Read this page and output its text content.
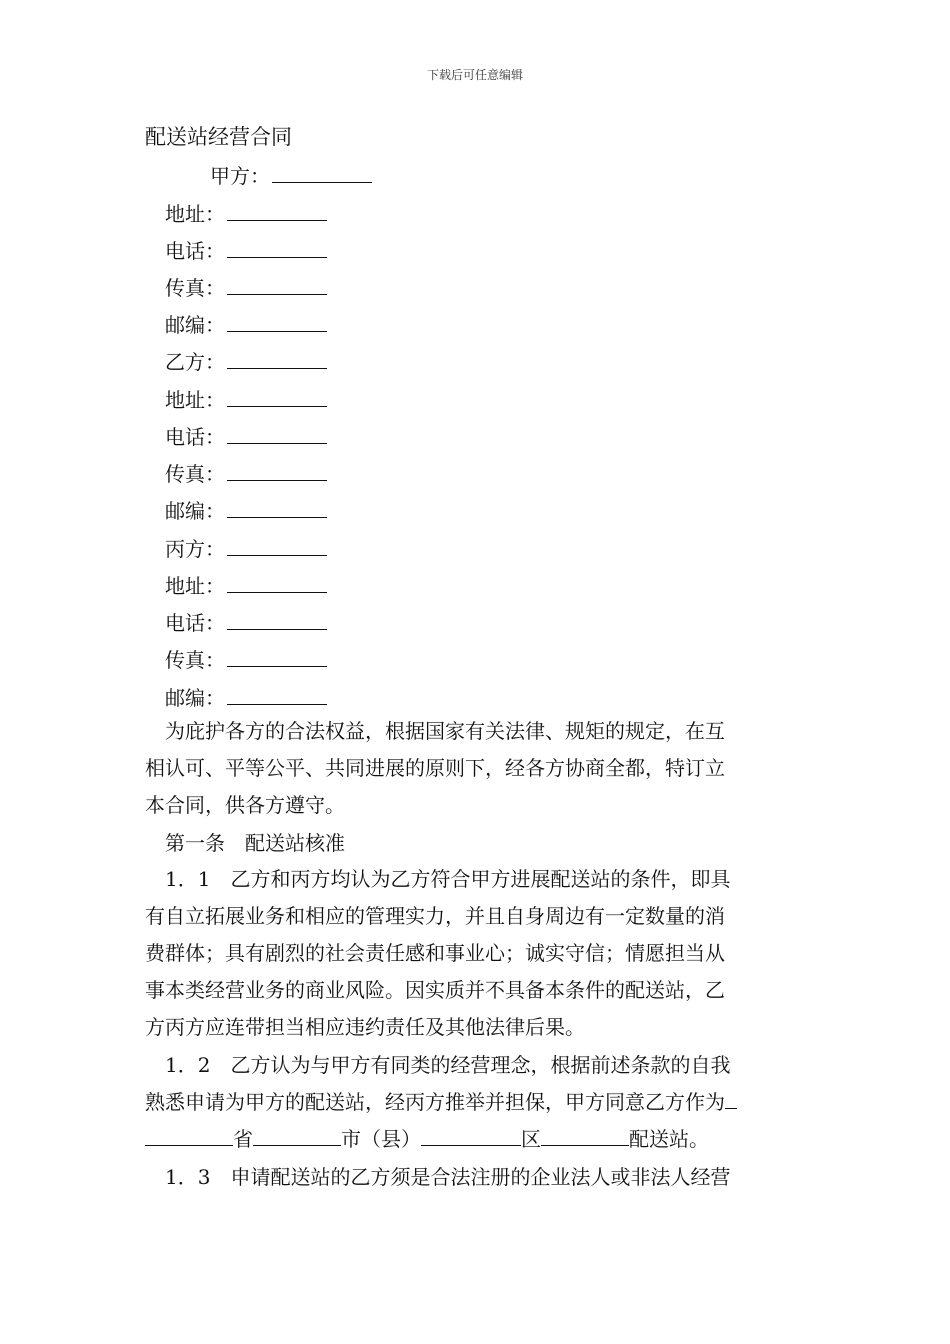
下载后可任意编辑
配送站经营合同
甲方：
地址：
电话：
传真：
邮编：
乙方：
地址：
电话：
传真：
邮编：
丙方：
地址：
电话：
传真：
邮编：

为庇护各方的合法权益，根据国家有关法律、规矩的规定，在互

相认可、平等公平、共同进展的原则下，经各方协商全都，特订立

本合同，供各方遵守。

第一条　配送站核准

1．1　乙方和丙方均认为乙方符合甲方进展配送站的条件，即具

有自立拓展业务和相应的管理实力，并且自身周边有一定数量的消

费群体；具有剧烈的社会责任感和事业心；诚实守信；情愿担当从

事本类经营业务的商业风险。因实质并不具备本条件的配送站，乙

方丙方应连带担当相应违约责任及其他法律后果。

1．2　乙方认为与甲方有同类的经营理念，根据前述条款的自我

熟悉申请为甲方的配送站，经丙方推举并担保，甲方同意乙方作为

省	市（县）	区	配送站。

1．3　申请配送站的乙方须是合法注册的企业法人或非法人经营
